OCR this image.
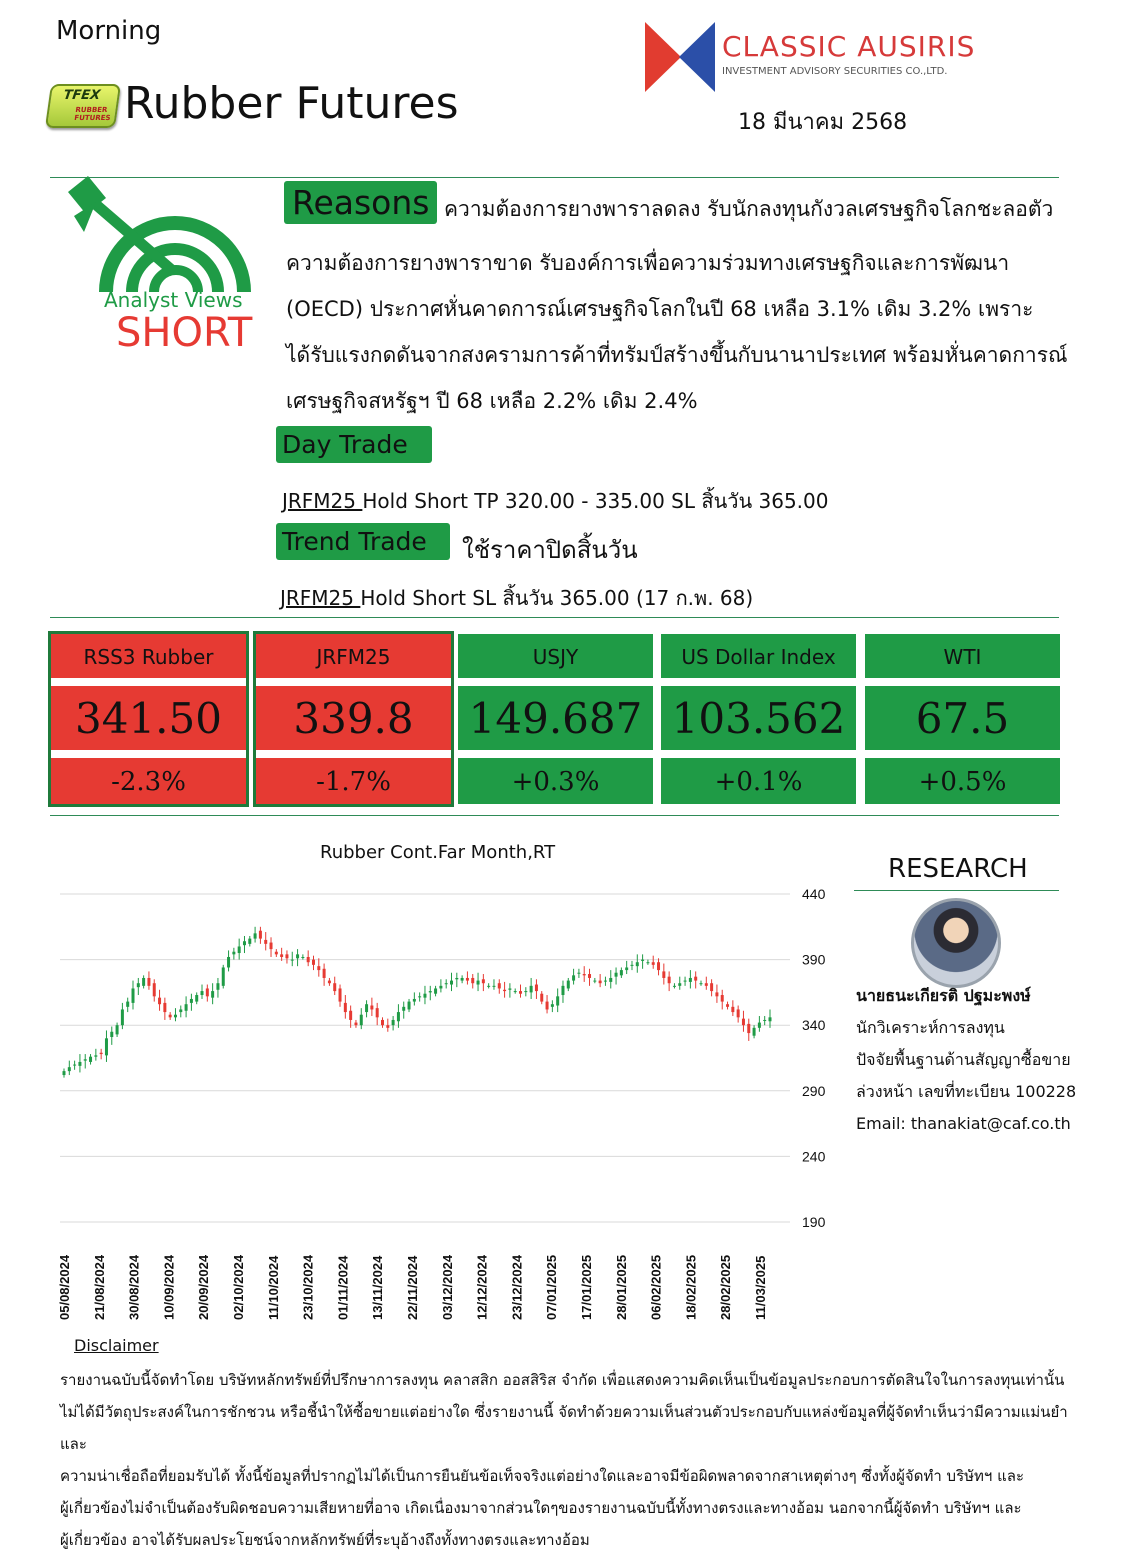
Morning
TFEX
RUBBER FUTURES Rubber Futures
CLASSIC AUSIRIS
INVESTMENT ADVISORY SECURITIES CO.,LTD.
18 มีนาคม 2568
Analyst Views
SHORT
Reasons ความต้องการยางพาราลดลง รับนักลงทุนกังวลเศรษฐกิจโลกชะลอตัว
ความต้องการยางพาราขาด รับองค์การเพื่อความร่วมทางเศรษฐกิจและการพัฒนา
(OECD) ประกาศหั่นคาดการณ์เศรษฐกิจโลกในปี 68 เหลือ 3.1% เดิม 3.2% เพราะ
ได้รับแรงกดดันจากสงครามการค้าที่ทรัมป์สร้างขึ้นกับนานาประเทศ พร้อมหั่นคาดการณ์
เศรษฐกิจสหรัฐฯ ปี 68 เหลือ 2.2% เดิม 2.4%
Day Trade
JRFM25 Hold Short TP 320.00 - 335.00 SL สิ้นวัน 365.00
Trend Trade	ใช้ราคาปิดสิ้นวัน
JRFM25 Hold Short SL สิ้นวัน 365.00 (17 ก.พ. 68)
RSS3 Rubber
341.50
-2.3%
JRFM25
339.8
-1.7%
USJY
149.687
+0.3%
US Dollar Index
103.562
+0.1%
WTI
67.5
+0.5%
Rubber Cont.Far Month,RT
440
390
340
290
240
190
05/08/2024 21/08/2024 30/08/2024 10/09/2024 20/09/2024 02/10/2024 11/10/2024 23/10/2024 01/11/2024 13/11/2024 22/11/2024 03/12/2024 12/12/2024 23/12/2024 07/01/2025 17/01/2025 28/01/2025 06/02/2025 18/02/2025 28/02/2025 11/03/2025
RESEARCH
นายธนะเกียรติ ปฐมะพงษ์
นักวิเคราะห์การลงทุน
ปัจจัยพื้นฐานด้านสัญญาซื้อขาย
ล่วงหน้า เลขที่ทะเบียน 100228
Email: thanakiat@caf.co.th
Disclaimer
รายงานฉบับนี้จัดทำโดย บริษัทหลักทรัพย์ที่ปรึกษาการลงทุน คลาสสิก ออสสิริส จำกัด เพื่อแสดงความคิดเห็นเป็นข้อมูลประกอบการตัดสินใจในการลงทุนเท่านั้น
ไม่ได้มีวัตถุประสงค์ในการชักชวน หรือชี้นำให้ซื้อขายแต่อย่างใด ซึ่งรายงานนี้ จัดทำด้วยความเห็นส่วนตัวประกอบกับแหล่งข้อมูลที่ผู้จัดทำเห็นว่ามีความแม่นยำและ
ความน่าเชื่อถือที่ยอมรับได้ ทั้งนี้ข้อมูลที่ปรากฏไม่ได้เป็นการยืนยันข้อเท็จจริงแต่อย่างใดและอาจมีข้อผิดพลาดจากสาเหตุต่างๆ ซึ่งทั้งผู้จัดทำ บริษัทฯ และ
ผู้เกี่ยวข้องไม่จำเป็นต้องรับผิดชอบความเสียหายที่อาจ เกิดเนื่องมาจากส่วนใดๆของรายงานฉบับนี้ทั้งทางตรงและทางอ้อม นอกจากนี้ผู้จัดทำ บริษัทฯ และ
ผู้เกี่ยวข้อง อาจได้รับผลประโยชน์จากหลักทรัพย์ที่ระบุอ้างถึงทั้งทางตรงและทางอ้อม
